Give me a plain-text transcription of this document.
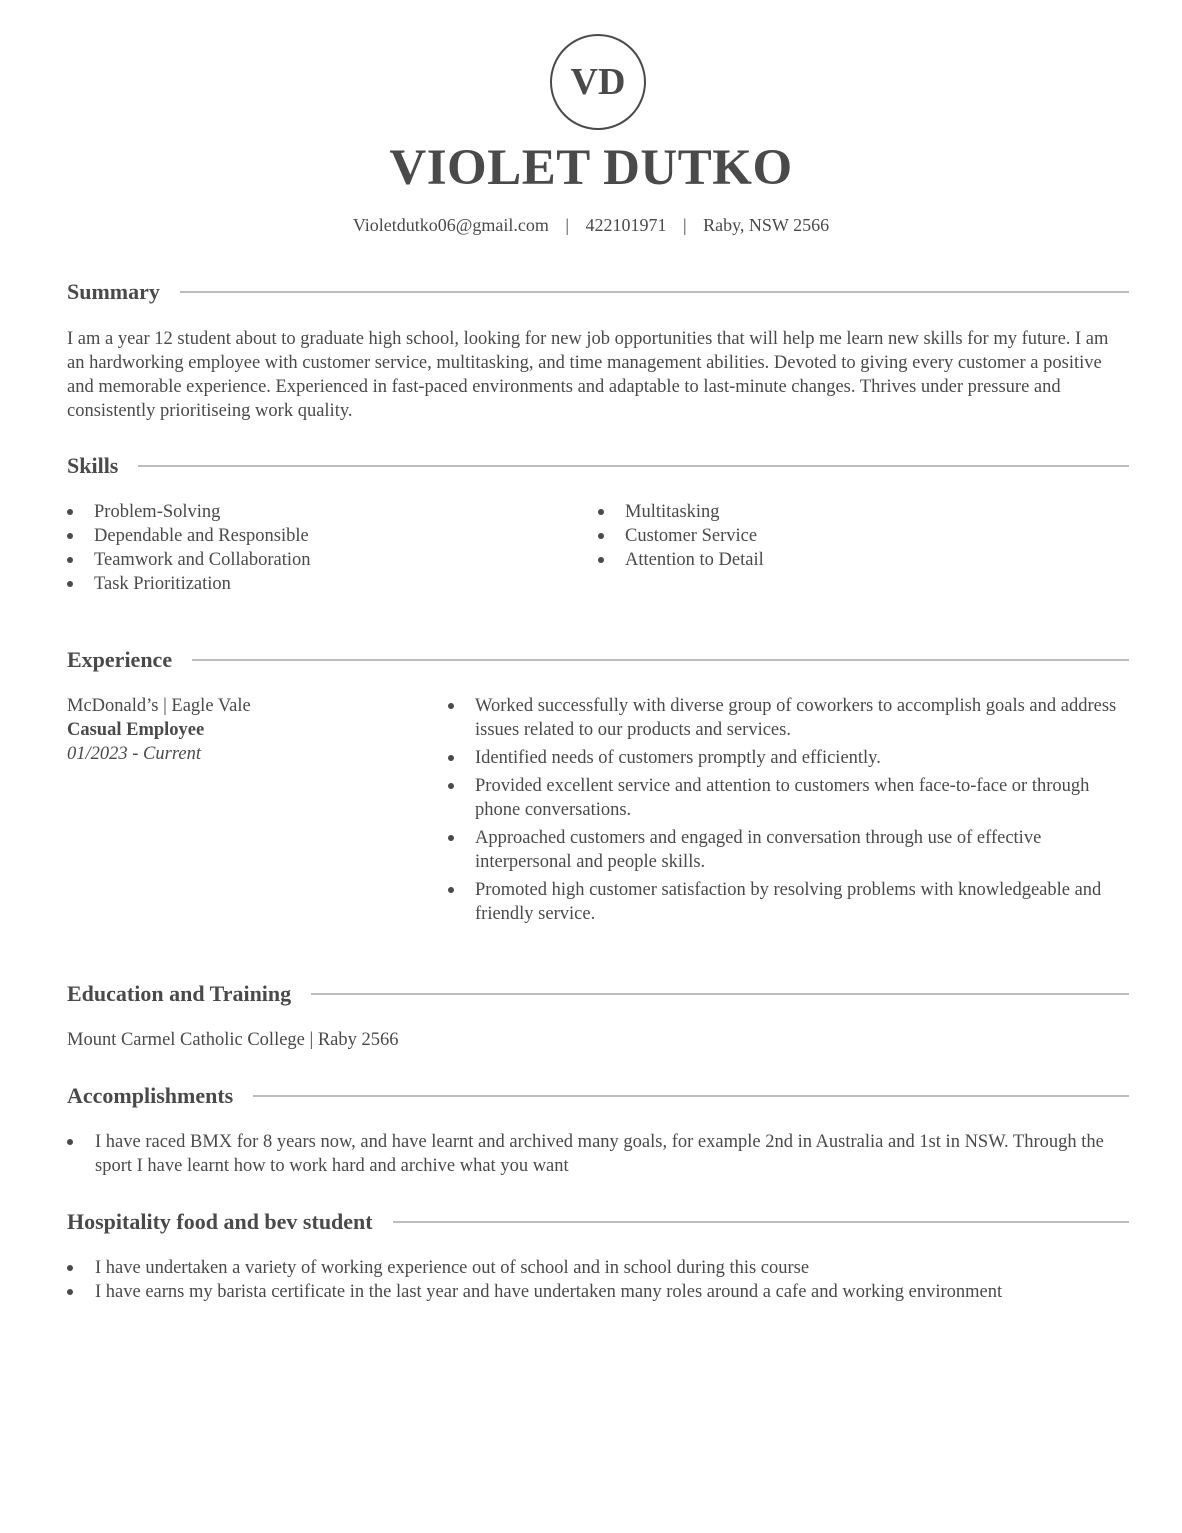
VD
VIOLET DUTKO
Violetdutko06@gmail.com | 422101971 | Raby, NSW 2566
Summary

I am a year 12 student about to graduate high school, looking for new job opportunities that will help me learn new skills for my future. I am an hardworking employee with customer service, multitasking, and time management abilities. Devoted to giving every customer a positive and memorable experience. Experienced in fast-paced environments and adaptable to last-minute changes. Thrives under pressure and consistently prioritiseing work quality.

Skills
Problem-Solving
Dependable and Responsible
Teamwork and Collaboration
Task Prioritization
Multitasking
Customer Service
Attention to Detail
Experience
McDonald’s | Eagle Vale
Casual Employee
01/2023 - Current
Worked successfully with diverse group of coworkers to accomplish goals and address issues related to our products and services.
Identified needs of customers promptly and efficiently.
Provided excellent service and attention to customers when face-to-face or through phone conversations.
Approached customers and engaged in conversation through use of effective interpersonal and people skills.
Promoted high customer satisfaction by resolving problems with knowledgeable and friendly service.
Education and Training

Mount Carmel Catholic College | Raby 2566

Accomplishments
I have raced BMX for 8 years now, and have learnt and archived many goals, for example 2nd in Australia and 1st in NSW. Through the sport I have learnt how to work hard and archive what you want
Hospitality food and bev student
I have undertaken a variety of working experience out of school and in school during this course
I have earns my barista certificate in the last year and have undertaken many roles around a cafe and working environment
